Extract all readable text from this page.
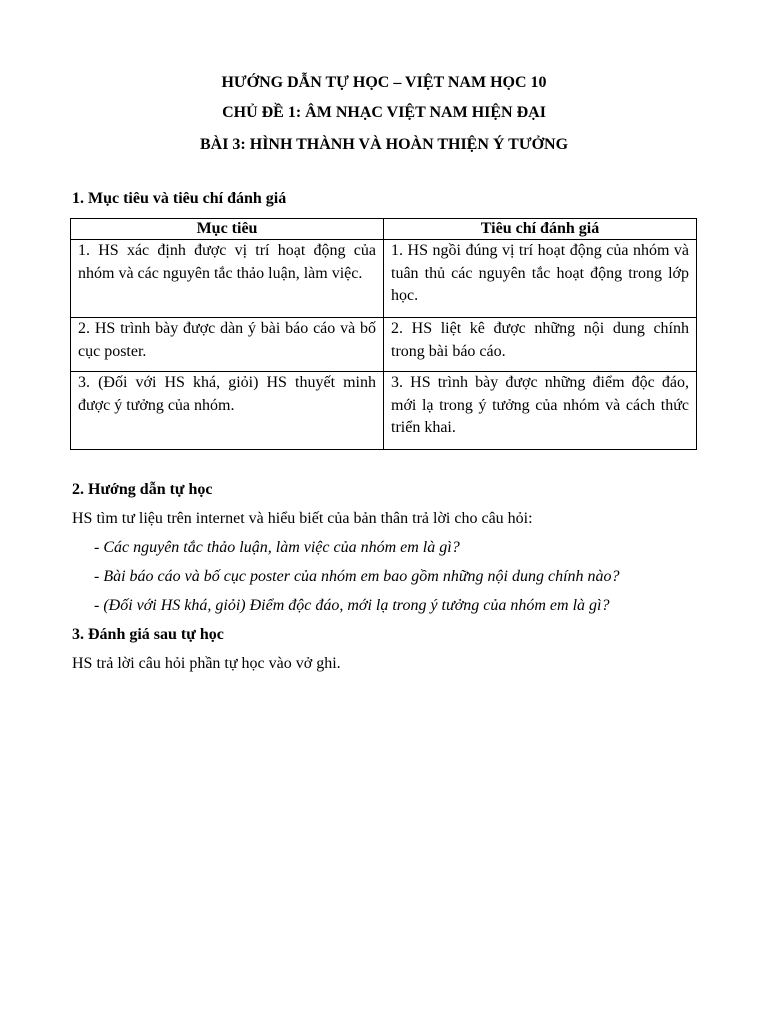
HƯỚNG DẪN TỰ HỌC – VIỆT NAM HỌC 10
CHỦ ĐỀ 1: ÂM NHẠC VIỆT NAM HIỆN ĐẠI
BÀI 3: HÌNH THÀNH VÀ HOÀN THIỆN Ý TƯỞNG
1. Mục tiêu và tiêu chí đánh giá
Mục tiêu	Tiêu chí đánh giá
1. HS xác định được vị trí hoạt động của nhóm và các nguyên tắc thảo luận, làm việc.	1. HS ngồi đúng vị trí hoạt động của nhóm và tuân thủ các nguyên tắc hoạt động trong lớp học.
2. HS trình bày được dàn ý bài báo cáo và bố cục poster.	2. HS liệt kê được những nội dung chính trong bài báo cáo.
3. (Đối với HS khá, giỏi) HS thuyết minh được ý tưởng của nhóm.	3. HS trình bày được những điểm độc đáo, mới lạ trong ý tưởng của nhóm và cách thức triển khai.
2. Hướng dẫn tự học
HS tìm tư liệu trên internet và hiểu biết của bản thân trả lời cho câu hỏi:
- Các nguyên tắc thảo luận, làm việc của nhóm em là gì?
- Bài báo cáo và bố cục poster của nhóm em bao gồm những nội dung chính nào?
- (Đối với HS khá, giỏi) Điểm độc đáo, mới lạ trong ý tưởng của nhóm em là gì?
3. Đánh giá sau tự học
HS trả lời câu hỏi phần tự học vào vở ghi.
